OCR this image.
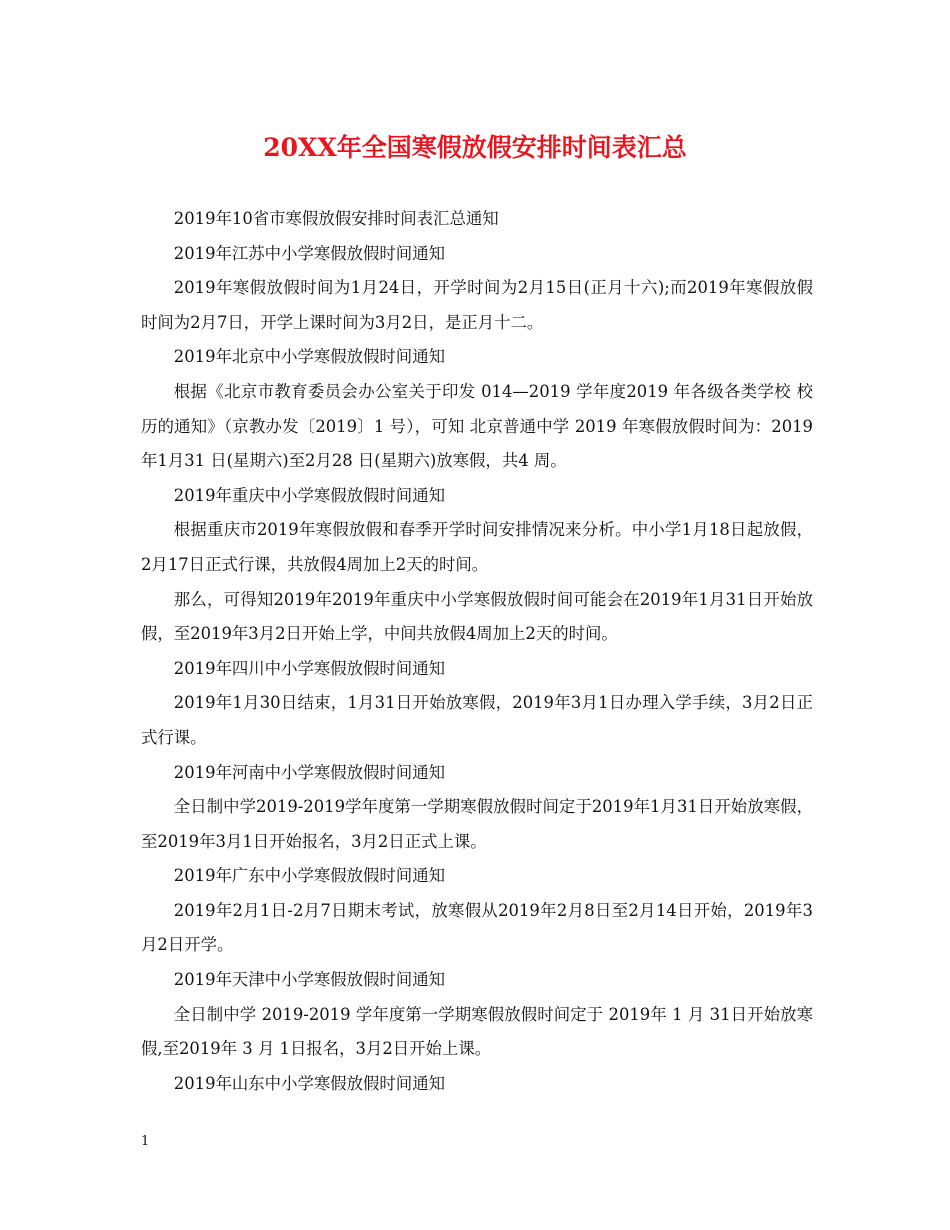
20XX年全国寒假放假安排时间表汇总

2019年10省市寒假放假安排时间表汇总通知

2019年江苏中小学寒假放假时间通知

2019年寒假放假时间为1月24日，开学时间为2月15日(正月十六);而2019年寒假放假时间为2月7日，开学上课时间为3月2日，是正月十二。

2019年北京中小学寒假放假时间通知

根据《北京市教育委员会办公室关于印发 014—2019 学年度2019 年各级各类学校 校历的通知》（京教办发〔2019〕1 号），可知 北京普通中学 2019 年寒假放假时间为：2019 年1月31 日(星期六)至2月28 日(星期六)放寒假，共4 周。

2019年重庆中小学寒假放假时间通知

根据重庆市2019年寒假放假和春季开学时间安排情况来分析。中小学1月18日起放假，2月17日正式行课，共放假4周加上2天的时间。

那么，可得知2019年2019年重庆中小学寒假放假时间可能会在2019年1月31日开始放假，至2019年3月2日开始上学，中间共放假4周加上2天的时间。

2019年四川中小学寒假放假时间通知

2019年1月30日结束，1月31日开始放寒假，2019年3月1日办理入学手续，3月2日正式行课。

2019年河南中小学寒假放假时间通知

全日制中学2019-2019学年度第一学期寒假放假时间定于2019年1月31日开始放寒假，至2019年3月1日开始报名，3月2日正式上课。

2019年广东中小学寒假放假时间通知

2019年2月1日-2月7日期末考试，放寒假从2019年2月8日至2月14日开始，2019年3月2日开学。

2019年天津中小学寒假放假时间通知

全日制中学 2019-2019 学年度第一学期寒假放假时间定于 2019年 1 月 31日开始放寒假,至2019年 3 月 1日报名，3月2日开始上课。

2019年山东中小学寒假放假时间通知

1
